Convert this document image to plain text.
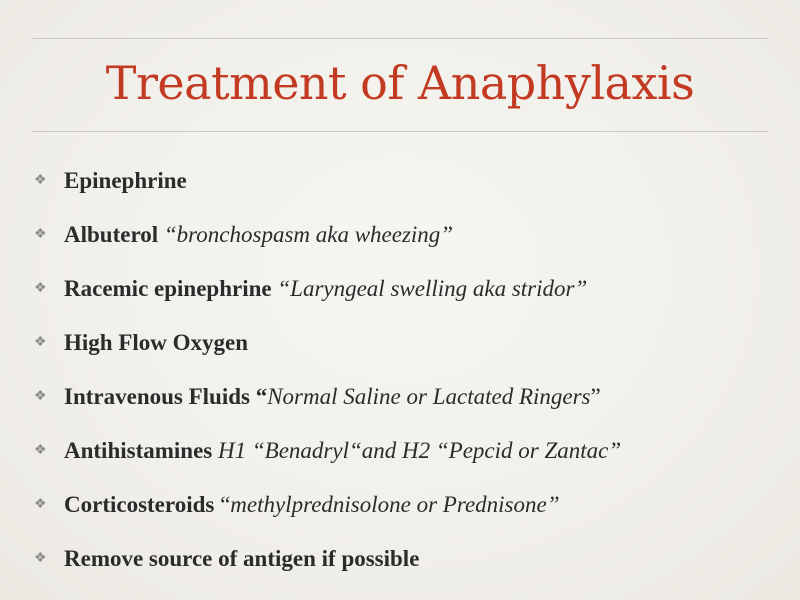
Treatment of Anaphylaxis
❖ Epinephrine
❖ Albuterol “bronchospasm aka wheezing”
❖ Racemic epinephrine “Laryngeal swelling aka stridor”
❖ High Flow Oxygen
❖ Intravenous Fluids “Normal Saline or Lactated Ringers”
❖ Antihistamines H1 “Benadryl“and H2 “Pepcid or Zantac”
❖ Corticosteroids “methylprednisolone or Prednisone”
❖ Remove source of antigen if possible
